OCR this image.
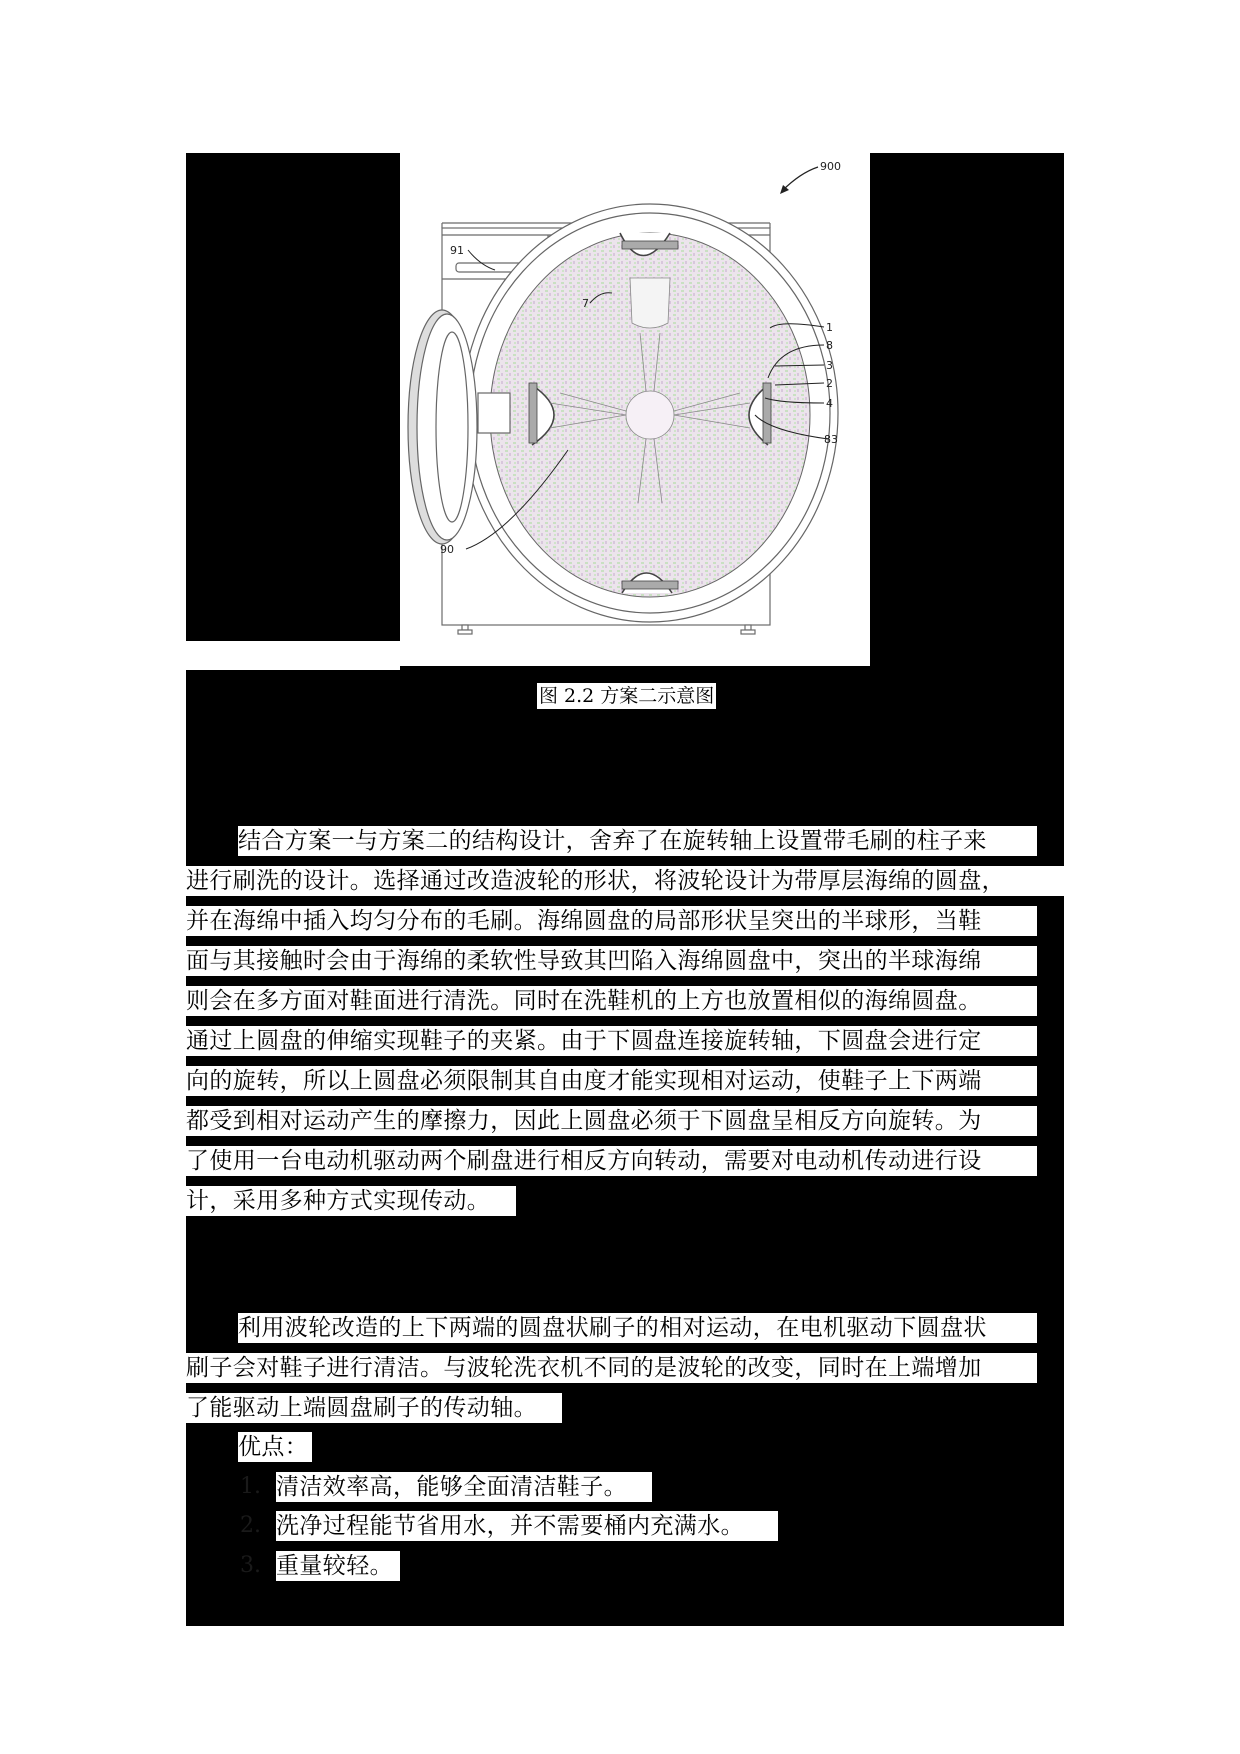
900
91
90
1
8
3
2
4
83
7
图 2.2 方案二示意图
结合方案一与方案二的结构设计，舍弃了在旋转轴上设置带毛刷的柱子来
进行刷洗的设计。选择通过改造波轮的形状，将波轮设计为带厚层海绵的圆盘，
并在海绵中插入均匀分布的毛刷。海绵圆盘的局部形状呈突出的半球形，当鞋
面与其接触时会由于海绵的柔软性导致其凹陷入海绵圆盘中，突出的半球海绵
则会在多方面对鞋面进行清洗。同时在洗鞋机的上方也放置相似的海绵圆盘。
通过上圆盘的伸缩实现鞋子的夹紧。由于下圆盘连接旋转轴，下圆盘会进行定
向的旋转，所以上圆盘必须限制其自由度才能实现相对运动，使鞋子上下两端
都受到相对运动产生的摩擦力，因此上圆盘必须于下圆盘呈相反方向旋转。为
了使用一台电动机驱动两个刷盘进行相反方向转动，需要对电动机传动进行设
计，采用多种方式实现传动。
利用波轮改造的上下两端的圆盘状刷子的相对运动，在电机驱动下圆盘状
刷子会对鞋子进行清洁。与波轮洗衣机不同的是波轮的改变，同时在上端增加
了能驱动上端圆盘刷子的传动轴。
优点：
1. 清洁效率高，能够全面清洁鞋子。
2. 洗净过程能节省用水，并不需要桶内充满水。
3. 重量较轻。
